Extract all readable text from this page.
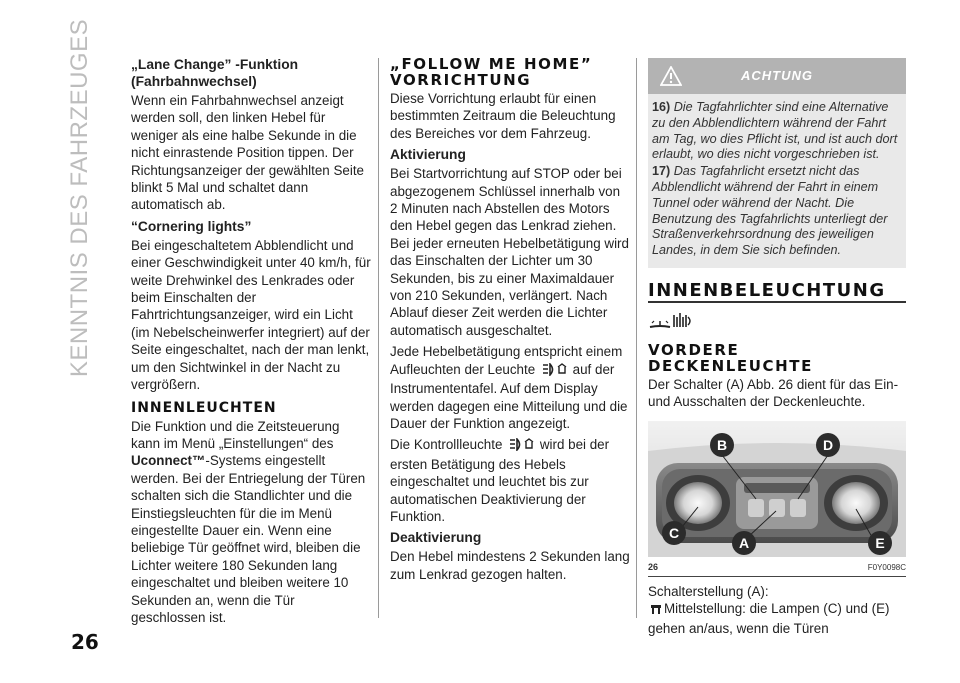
KENNTNIS DES FAHRZEUGES	„Lane Change” -Funktion
(Fahrbahnwechsel)

Wenn ein Fahrbahnwechsel anzeigt werden soll, den linken Hebel für weniger als eine halbe Sekunde in die nicht einrastende Position tippen. Der Richtungsanzeiger der gewählten Seite blinkt 5 Mal und schaltet dann automatisch ab.

“Cornering lights”

Bei eingeschaltetem Abblendlicht und einer Geschwindigkeit unter 40 km/h, für weite Drehwinkel des Lenkrades oder beim Einschalten der Fahrtrichtungsanzeiger, wird ein Licht (im Nebelscheinwerfer integriert) auf der Seite eingeschaltet, nach der man lenkt, um den Sichtwinkel in der Nacht zu vergrößern.

INNENLEUCHTEN

Die Funktion und die Zeitsteuerung kann im Menü „Einstellungen“ des Uconnect™-Systems eingestellt werden. Bei der Entriegelung der Türen schalten sich die Standlichter und die Einstiegsleuchten für die im Menü eingestellte Dauer ein. Wenn eine beliebige Tür geöffnet wird, bleiben die Lichter weitere 180 Sekunden lang eingeschaltet und bleiben weitere 10 Sekunden an, wenn die Tür geschlossen ist.

„FOLLOW ME HOME”
VORRICHTUNG

Diese Vorrichtung erlaubt für einen bestimmten Zeitraum die Beleuchtung des Bereiches vor dem Fahrzeug.

Aktivierung

Bei Startvorrichtung auf STOP oder bei abgezogenem Schlüssel innerhalb von 2 Minuten nach Abstellen des Motors den Hebel gegen das Lenkrad ziehen. Bei jeder erneuten Hebelbetätigung wird das Einschalten der Lichter um 30 Sekunden, bis zu einer Maximaldauer von 210 Sekunden, verlängert. Nach Ablauf dieser Zeit werden die Lichter automatisch ausgeschaltet.

Jede Hebelbetätigung entspricht einem Aufleuchten der Leuchte	auf der Instrumententafel. Auf dem Display werden dagegen eine Mitteilung und die Dauer der Funktion angezeigt.

Die Kontrollleuchte	wird bei der ersten Betätigung des Hebels eingeschaltet und leuchtet bis zur automatischen Deaktivierung der Funktion.

Deaktivierung

Den Hebel mindestens 2 Sekunden lang zum Lenkrad gezogen halten.

ACHTUNG

16) Die Tagfahrlichter sind eine Alternative zu den Abblendlichtern während der Fahrt am Tag, wo dies Pflicht ist, und ist auch dort erlaubt, wo dies nicht vorgeschrieben ist.

17) Das Tagfahrlicht ersetzt nicht das Abblendlicht während der Fahrt in einem Tunnel oder während der Nacht. Die Benutzung des Tagfahrlichts unterliegt der Straßenverkehrsordnung des jeweiligen Landes, in dem Sie sich befinden.

INNENBELEUCHTUNG
VORDERE
DECKENLEUCHTE

Der Schalter (A) Abb. 26 dient für das Ein- und Ausschalten der Deckenleuchte.

B	D
C
A	E
26	F0Y0098C

Schalterstellung (A):

Mittelstellung: die Lampen (C) und (E) gehen an/aus, wenn die Türen

26
